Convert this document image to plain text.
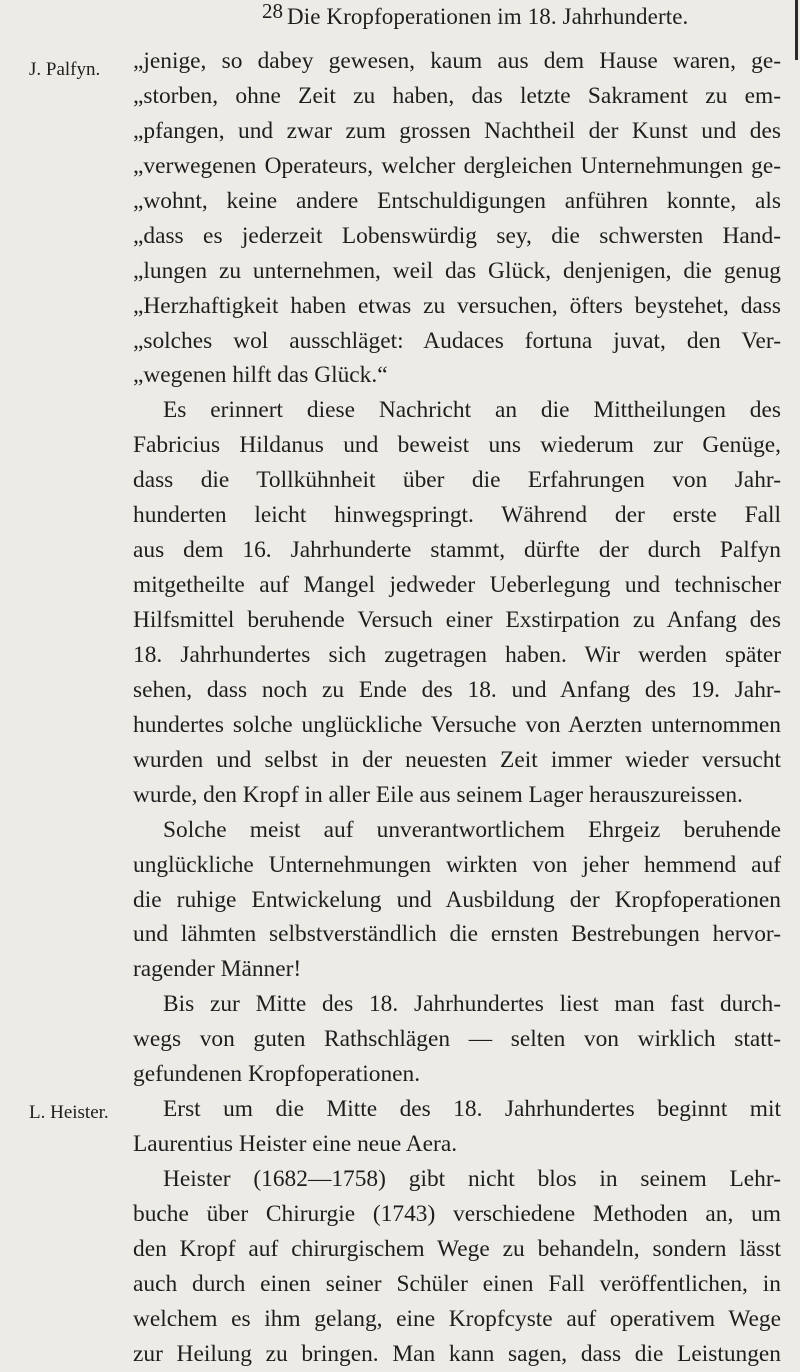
28 Die Kropfoperationen im 18. Jahrhunderte.
J. Palfyn.
L. Heister.
„jenige, so dabey gewesen, kaum aus dem Hause waren, ge-
„storben, ohne Zeit zu haben, das letzte Sakrament zu em-
„pfangen, und zwar zum grossen Nachtheil der Kunst und des
„verwegenen Operateurs, welcher dergleichen Unternehmungen ge-
„wohnt, keine andere Entschuldigungen anführen konnte, als
„dass es jederzeit Lobenswürdig sey, die schwersten Hand-
„lungen zu unternehmen, weil das Glück, denjenigen, die genug
„Herzhaftigkeit haben etwas zu versuchen, öfters beystehet, dass
„solches wol ausschläget: Audaces fortuna juvat, den Ver-
„wegenen hilft das Glück.“
Es erinnert diese Nachricht an die Mittheilungen des
Fabricius Hildanus und beweist uns wiederum zur Genüge,
dass die Tollkühnheit über die Erfahrungen von Jahr-
hunderten leicht hinwegspringt. Während der erste Fall
aus dem 16. Jahrhunderte stammt, dürfte der durch Palfyn
mitgetheilte auf Mangel jedweder Ueberlegung und technischer
Hilfsmittel beruhende Versuch einer Exstirpation zu Anfang des
18. Jahrhundertes sich zugetragen haben. Wir werden später
sehen, dass noch zu Ende des 18. und Anfang des 19. Jahr-
hundertes solche unglückliche Versuche von Aerzten unternommen
wurden und selbst in der neuesten Zeit immer wieder versucht
wurde, den Kropf in aller Eile aus seinem Lager herauszureissen.
Solche meist auf unverantwortlichem Ehrgeiz beruhende
unglückliche Unternehmungen wirkten von jeher hemmend auf
die ruhige Entwickelung und Ausbildung der Kropfoperationen
und lähmten selbstverständlich die ernsten Bestrebungen hervor-
ragender Männer!
Bis zur Mitte des 18. Jahrhundertes liest man fast durch-
wegs von guten Rathschlägen — selten von wirklich statt-
gefundenen Kropfoperationen.
Erst um die Mitte des 18. Jahrhundertes beginnt mit
Laurentius Heister eine neue Aera.
Heister (1682—1758) gibt nicht blos in seinem Lehr-
buche über Chirurgie (1743) verschiedene Methoden an, um
den Kropf auf chirurgischem Wege zu behandeln, sondern lässt
auch durch einen seiner Schüler einen Fall veröffentlichen, in
welchem es ihm gelang, eine Kropfcyste auf operativem Wege
zur Heilung zu bringen. Man kann sagen, dass die Leistungen
